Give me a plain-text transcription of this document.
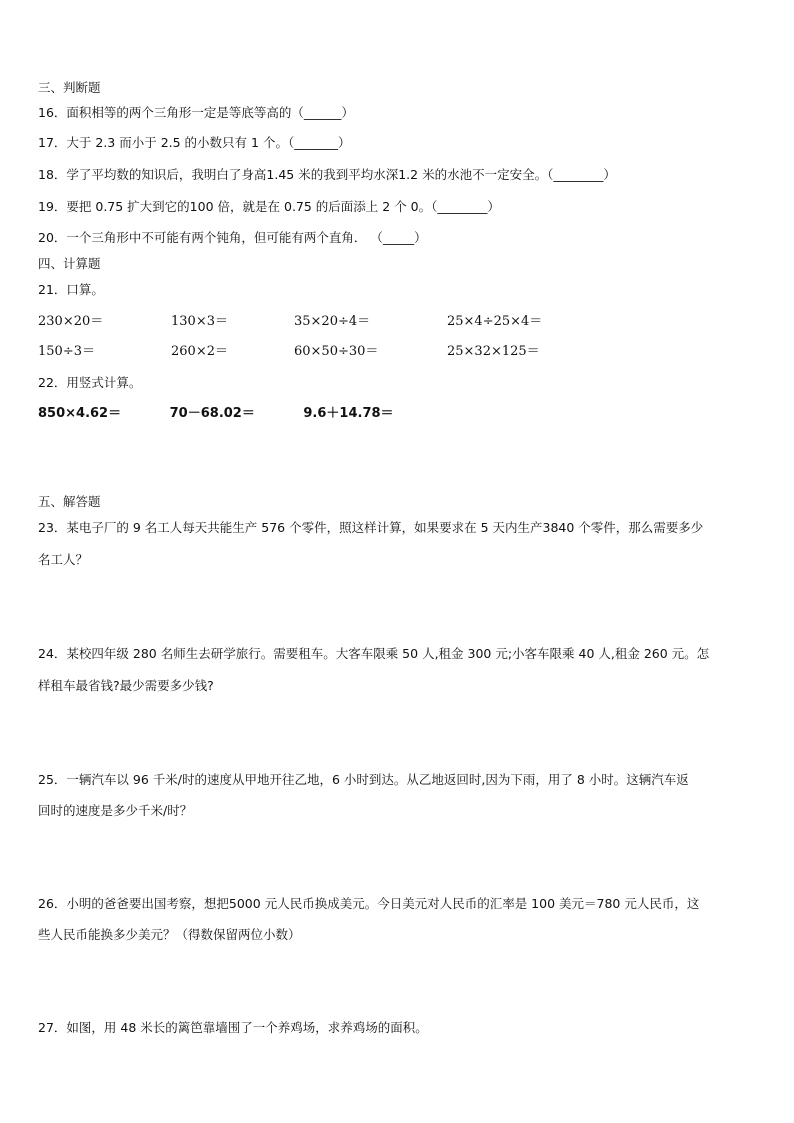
三、判断题
16．面积相等的两个三角形一定是等底等高的（______）
17．大于 2.3 而小于 2.5 的小数只有 1 个。（_______）
18．学了平均数的知识后，我明白了身高1.45 米的我到平均水深1.2 米的水池不一定安全。（________）
19．要把 0.75 扩大到它的100 倍，就是在 0.75 的后面添上 2 个 0。（________）
20．一个三角形中不可能有两个钝角，但可能有两个直角． （_____）
四、计算题
21．口算。
230×20＝	130×3＝	35×20÷4＝	25×4÷25×4＝
150÷3＝	260×2＝	60×50÷30＝	25×32×125＝
22．用竖式计算。
850×4.62＝	70－68.02＝	9.6＋14.78＝
五、解答题
23．某电子厂的 9 名工人每天共能生产 576 个零件，照这样计算，如果要求在 5 天内生产3840 个零件，那么需要多少
名工人？
24．某校四年级 280 名师生去研学旅行。需要租车。大客车限乘 50 人,租金 300 元;小客车限乘 40 人,租金 260 元。怎
样租车最省钱?最少需要多少钱?
25．一辆汽车以 96 千米/时的速度从甲地开往乙地，6 小时到达。从乙地返回时,因为下雨，用了 8 小时。这辆汽车返
回时的速度是多少千米/时？
26．小明的爸爸要出国考察，想把5000 元人民币换成美元。今日美元对人民币的汇率是 100 美元＝780 元人民币，这
些人民币能换多少美元？（得数保留两位小数）
27．如图，用 48 米长的篱笆靠墙围了一个养鸡场，求养鸡场的面积。
